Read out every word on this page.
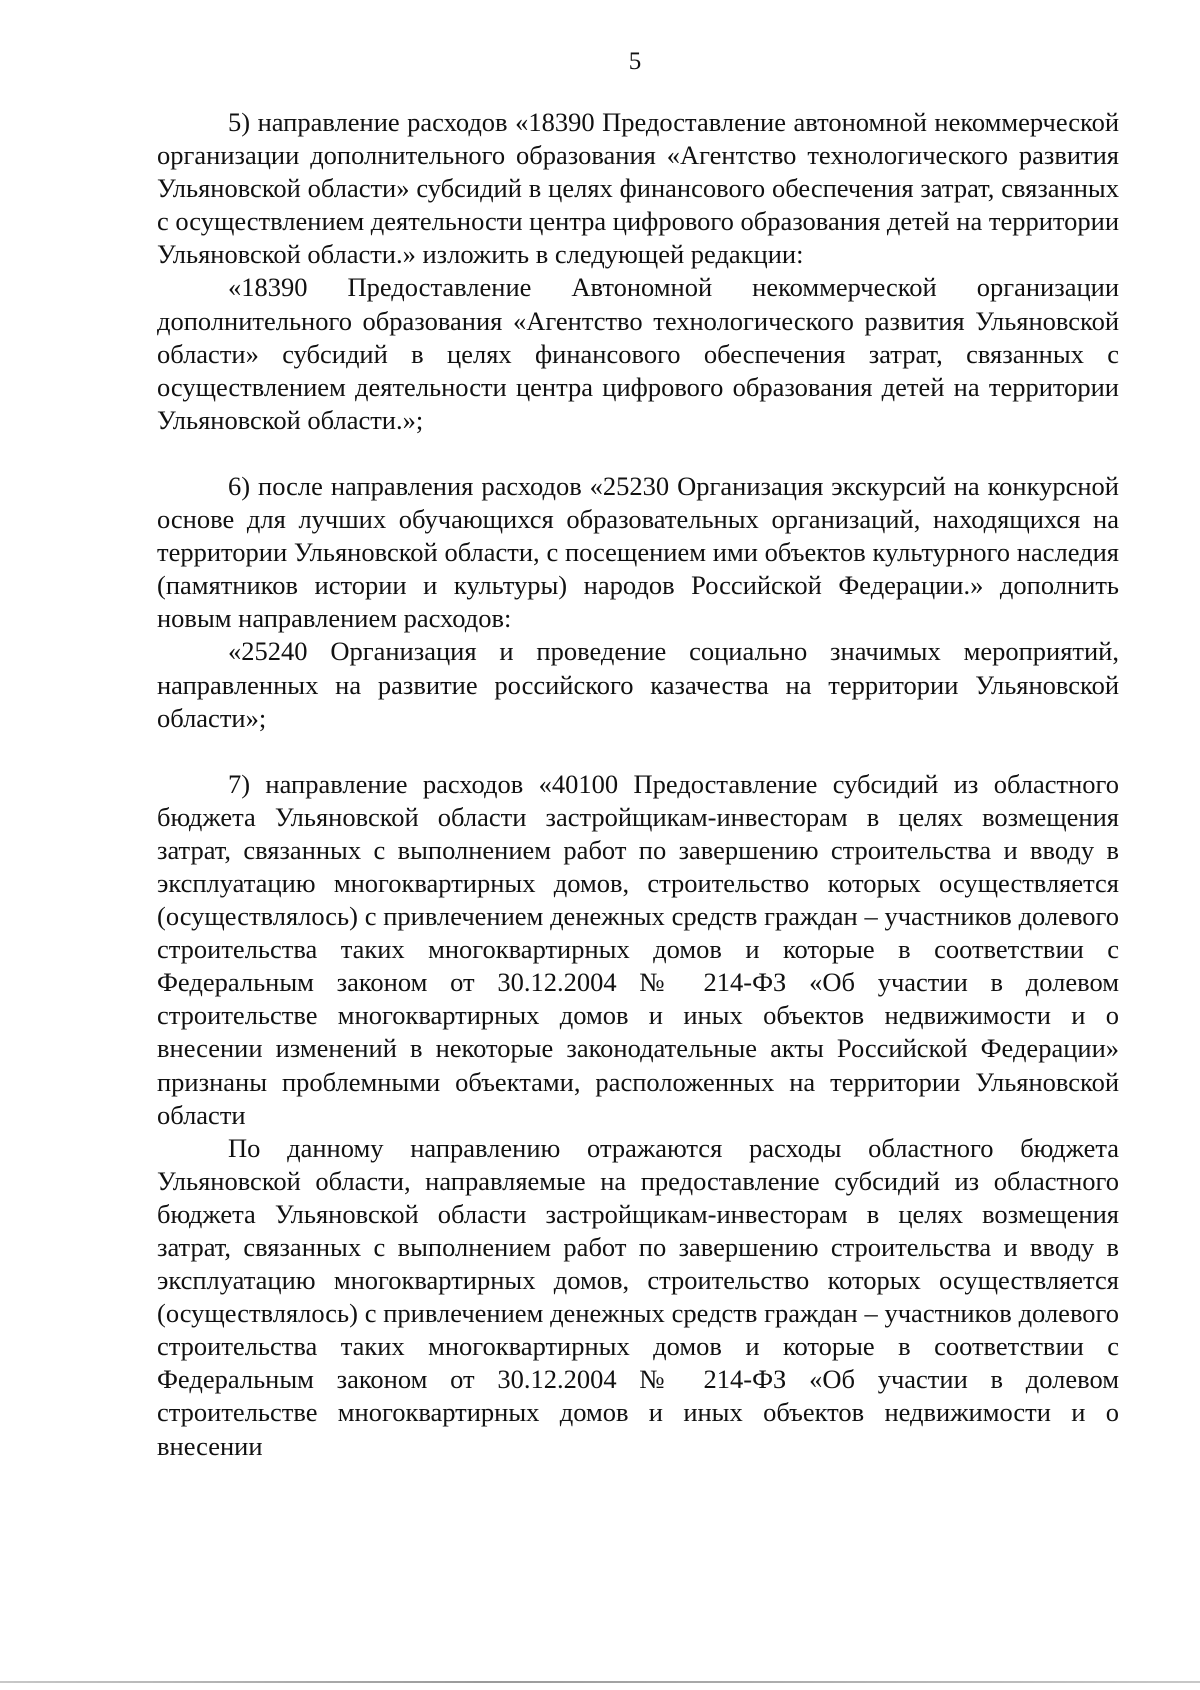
5

5) направление расходов «18390 Предоставление автономной некоммерческой организации дополнительного образования «Агентство технологического развития Ульяновской области» субсидий в целях финансового обеспечения затрат, связанных с осуществлением деятельности центра цифрового образования детей на территории Ульяновской области.» изложить в следующей редакции:

«18390 Предоставление Автономной некоммерческой организации дополнительного образования «Агентство технологического развития Ульяновской области» субсидий в целях финансового обеспечения затрат, связанных с осуществлением деятельности центра цифрового образования детей на территории Ульяновской области.»;

6) после направления расходов «25230 Организация экскурсий на конкурсной основе для лучших обучающихся образовательных организаций, находящихся на территории Ульяновской области, с посещением ими объектов культурного наследия (памятников истории и культуры) народов Российской Федерации.» дополнить новым направлением расходов:

«25240 Организация и проведение социально значимых мероприятий, направленных на развитие российского казачества на территории Ульяновской области»;

7) направление расходов «40100 Предоставление субсидий из областного бюджета Ульяновской области застройщикам-инвесторам в целях возмещения затрат, связанных с выполнением работ по завершению строительства и вводу в эксплуатацию многоквартирных домов, строительство которых осуществляется (осуществлялось) с привлечением денежных средств граждан – участников долевого строительства таких многоквартирных домов и которые в соответствии с Федеральным законом от 30.12.2004 № 214-ФЗ «Об участии в долевом строительстве многоквартирных домов и иных объектов недвижимости и о внесении изменений в некоторые законодательные акты Российской Федерации» признаны проблемными объектами, расположенных на территории Ульяновской области

По данному направлению отражаются расходы областного бюджета Ульяновской области, направляемые на предоставление субсидий из областного бюджета Ульяновской области застройщикам-инвесторам в целях возмещения затрат, связанных с выполнением работ по завершению строительства и вводу в эксплуатацию многоквартирных домов, строительство которых осуществляется (осуществлялось) с привлечением денежных средств граждан – участников долевого строительства таких многоквартирных домов и которые в соответствии с Федеральным законом от 30.12.2004 № 214-ФЗ «Об участии в долевом строительстве многоквартирных домов и иных объектов недвижимости и о внесении
